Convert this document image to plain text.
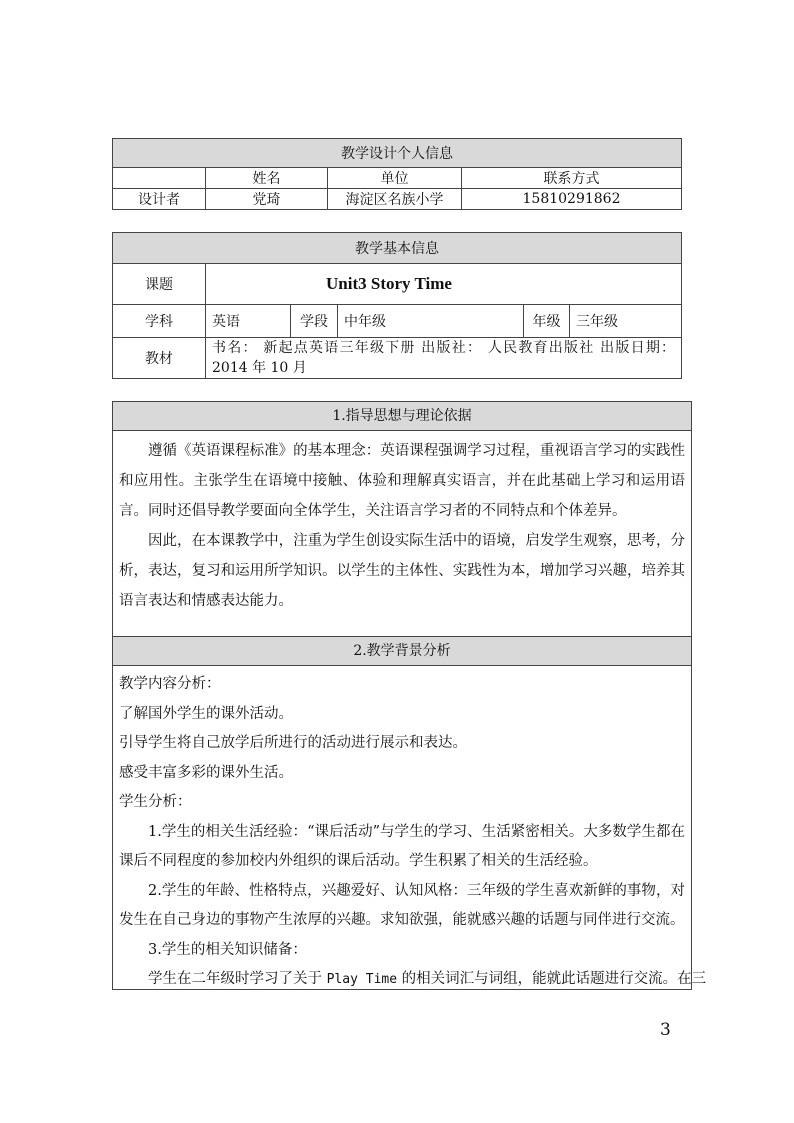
教学设计个人信息			
	姓名	单位	联系方式
设计者	党琦	海淀区名族小学	15810291862
教学基本信息					
课题	Unit3 Story Time				
学科	英语	学段	中年级	年级	三年级
教材	书名： 新起点英语三年级下册 出版社： 人民教育出版社 出版日期：
2014 年 10 月				
1.指导思想与理论依据

遵循《英语课程标准》的基本理念：英语课程强调学习过程，重视语言学习的实践性和应用性。主张学生在语境中接触、体验和理解真实语言，并在此基础上学习和运用语言。同时还倡导教学要面向全体学生，关注语言学习者的不同特点和个体差异。

因此，在本课教学中，注重为学生创设实际生活中的语境，启发学生观察，思考，分析，表达，复习和运用所学知识。以学生的主体性、实践性为本，增加学习兴趣，培养其语言表达和情感表达能力。

2.教学背景分析

教学内容分析：

了解国外学生的课外活动。

引导学生将自己放学后所进行的活动进行展示和表达。

感受丰富多彩的课外生活。

学生分析：

1.学生的相关生活经验：“课后活动”与学生的学习、生活紧密相关。大多数学生都在课后不同程度的参加校内外组织的课后活动。学生积累了相关的生活经验。

2.学生的年龄、性格特点，兴趣爱好、认知风格：三年级的学生喜欢新鲜的事物，对发生在自己身边的事物产生浓厚的兴趣。求知欲强，能就感兴趣的话题与同伴进行交流。

3.学生的相关知识储备：

学生在二年级时学习了关于 Play Time 的相关词汇与词组，能就此话题进行交流。在三

3
